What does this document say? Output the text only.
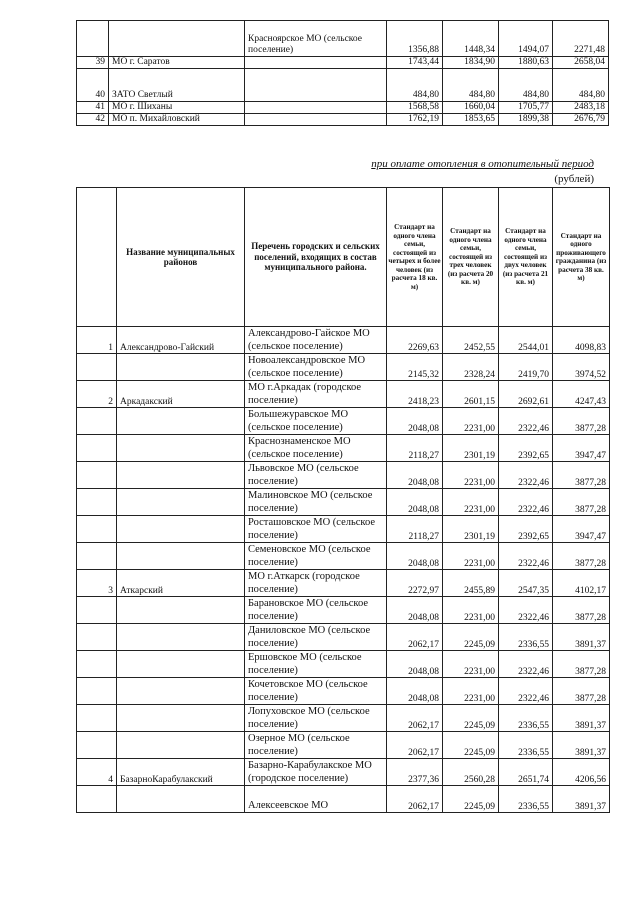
		Красноярское МО (сельское поселение)	1356,88	1448,34	1494,07	2271,48
39	МО г. Саратов		1743,44	1834,90	1880,63	2658,04
40	ЗАТО Светлый		484,80	484,80	484,80	484,80
41	МО г. Шиханы		1568,58	1660,04	1705,77	2483,18
42	МО п. Михайловский		1762,19	1853,65	1899,38	2676,79
при оплате отопления в отопительный период
(рублей)
	Название муниципальных районов	Перечень городских и сельских поселений, входящих в состав муниципального района.	Стандарт на одного члена семьи, состоящей из четырех и более человек (из расчета 18 кв. м)	Стандарт на одного члена семьи, состоящей из трех человек (из расчета 20 кв. м)	Стандарт на одного члена семьи, состоящей из двух человек (из расчета 21 кв. м)	Стандарт на одного проживающего гражданина (из расчета 38 кв. м)
1	Александрово-Гайский	Александрово-Гайское МО (сельское поселение)	2269,63	2452,55	2544,01	4098,83
		Новоалександровское МО (сельское поселение)	2145,32	2328,24	2419,70	3974,52
2	Аркадакский	МО г.Аркадак (городское поселение)	2418,23	2601,15	2692,61	4247,43
		Большежуравское МО (сельское поселение)	2048,08	2231,00	2322,46	3877,28
		Краснознаменское МО (сельское поселение)	2118,27	2301,19	2392,65	3947,47
		Львовское МО (сельское поселение)	2048,08	2231,00	2322,46	3877,28
		Малиновское МО (сельское поселение)	2048,08	2231,00	2322,46	3877,28
		Росташовское МО (сельское поселение)	2118,27	2301,19	2392,65	3947,47
		Семеновское МО (сельское поселение)	2048,08	2231,00	2322,46	3877,28
3	Аткарский	МО г.Аткарск (городское поселение)	2272,97	2455,89	2547,35	4102,17
		Барановское МО (сельское поселение)	2048,08	2231,00	2322,46	3877,28
		Даниловское МО (сельское поселение)	2062,17	2245,09	2336,55	3891,37
		Ершовское МО (сельское поселение)	2048,08	2231,00	2322,46	3877,28
		Кочетовское МО (сельское поселение)	2048,08	2231,00	2322,46	3877,28
		Лопуховское МО (сельское поселение)	2062,17	2245,09	2336,55	3891,37
		Озерное МО (сельское поселение)	2062,17	2245,09	2336,55	3891,37
4	БазарноКарабулакский	Базарно-Карабулакское МО (городское поселение)	2377,36	2560,28	2651,74	4206,56
		Алексеевское МО	2062,17	2245,09	2336,55	3891,37
